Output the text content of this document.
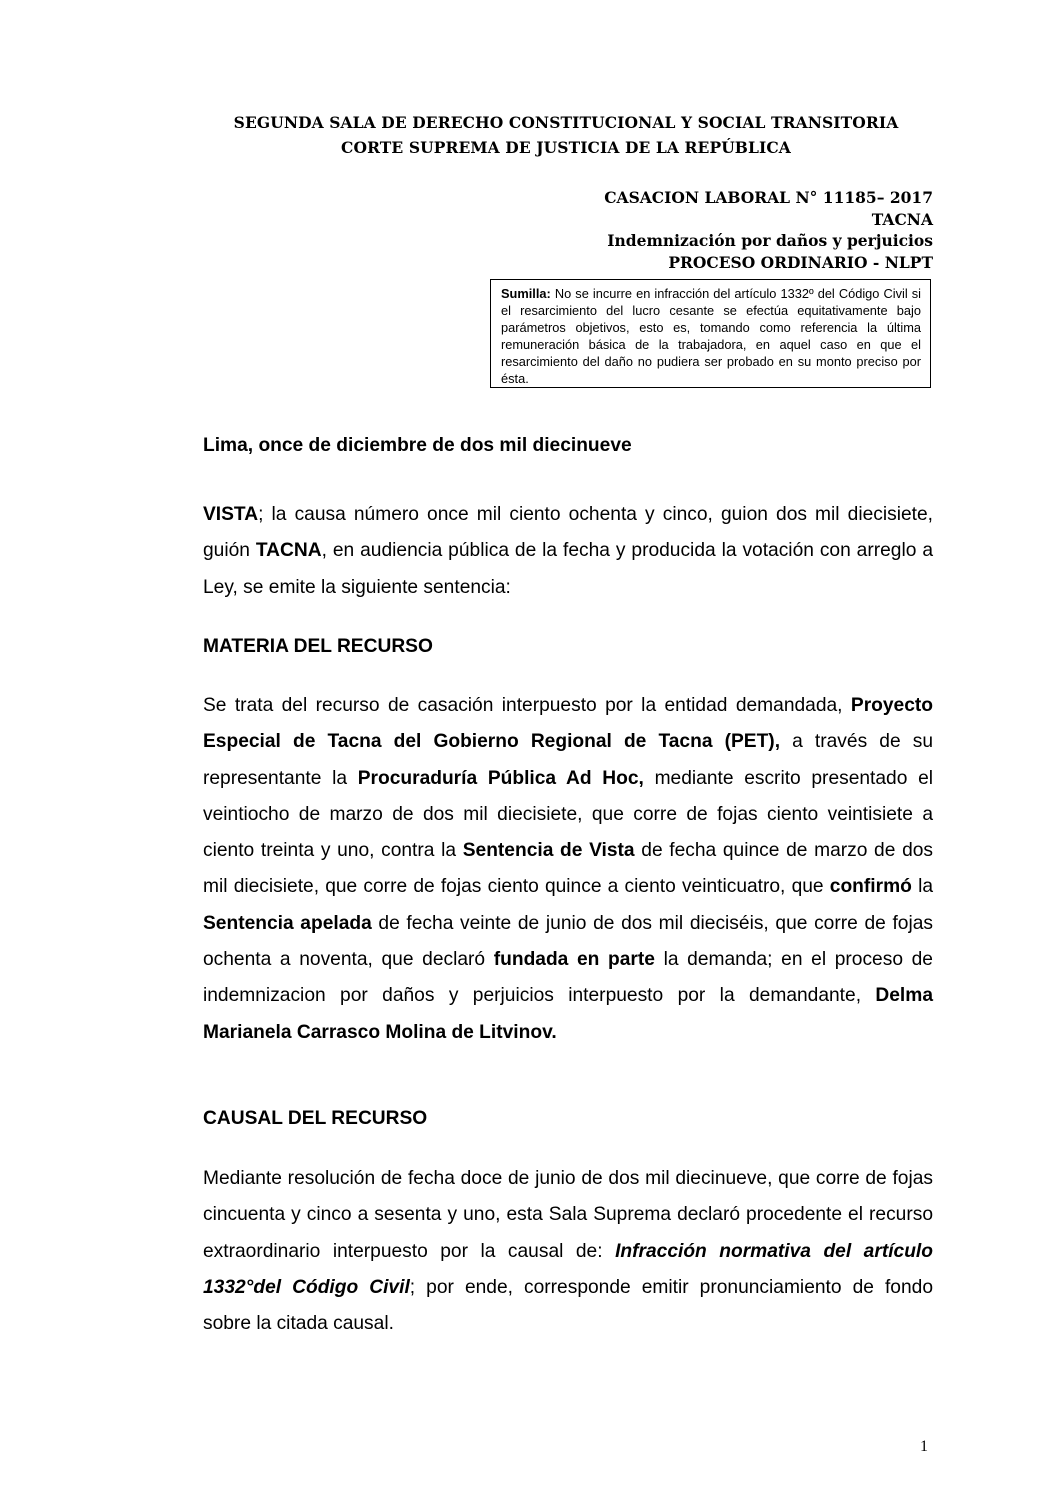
SEGUNDA SALA DE DERECHO CONSTITUCIONAL Y SOCIAL TRANSITORIA
CORTE SUPREMA DE JUSTICIA DE LA REPÚBLICA
CASACION LABORAL N° 11185– 2017
TACNA
Indemnización por daños y perjuicios
PROCESO ORDINARIO - NLPT
Sumilla: No se incurre en infracción del artículo 1332º del Código Civil si el resarcimiento del lucro cesante se efectúa equitativamente bajo parámetros objetivos, esto es, tomando como referencia la última remuneración básica de la trabajadora, en aquel caso en que el resarcimiento del daño no pudiera ser probado en su monto preciso por ésta.
Lima, once de diciembre de dos mil diecinueve

VISTA; la causa número once mil ciento ochenta y cinco, guion dos mil diecisiete, guión TACNA, en audiencia pública de la fecha y producida la votación con arreglo a Ley, se emite la siguiente sentencia:

MATERIA DEL RECURSO

Se trata del recurso de casación interpuesto por la entidad demandada, Proyecto Especial de Tacna del Gobierno Regional de Tacna (PET), a través de su representante la Procuraduría Pública Ad Hoc, mediante escrito presentado el veintiocho de marzo de dos mil diecisiete, que corre de fojas ciento veintisiete a ciento treinta y uno, contra la Sentencia de Vista de fecha quince de marzo de dos mil diecisiete, que corre de fojas ciento quince a ciento veinticuatro, que confirmó la Sentencia apelada de fecha veinte de junio de dos mil dieciséis, que corre de fojas ochenta a noventa, que declaró fundada en parte la demanda; en el proceso de indemnizacion por daños y perjuicios interpuesto por la demandante, Delma Marianela Carrasco Molina de Litvinov.

CAUSAL DEL RECURSO

Mediante resolución de fecha doce de junio de dos mil diecinueve, que corre de fojas cincuenta y cinco a sesenta y uno, esta Sala Suprema declaró procedente el recurso extraordinario interpuesto por la causal de: Infracción normativa del artículo 1332°del Código Civil; por ende, corresponde emitir pronunciamiento de fondo sobre la citada causal.

1
